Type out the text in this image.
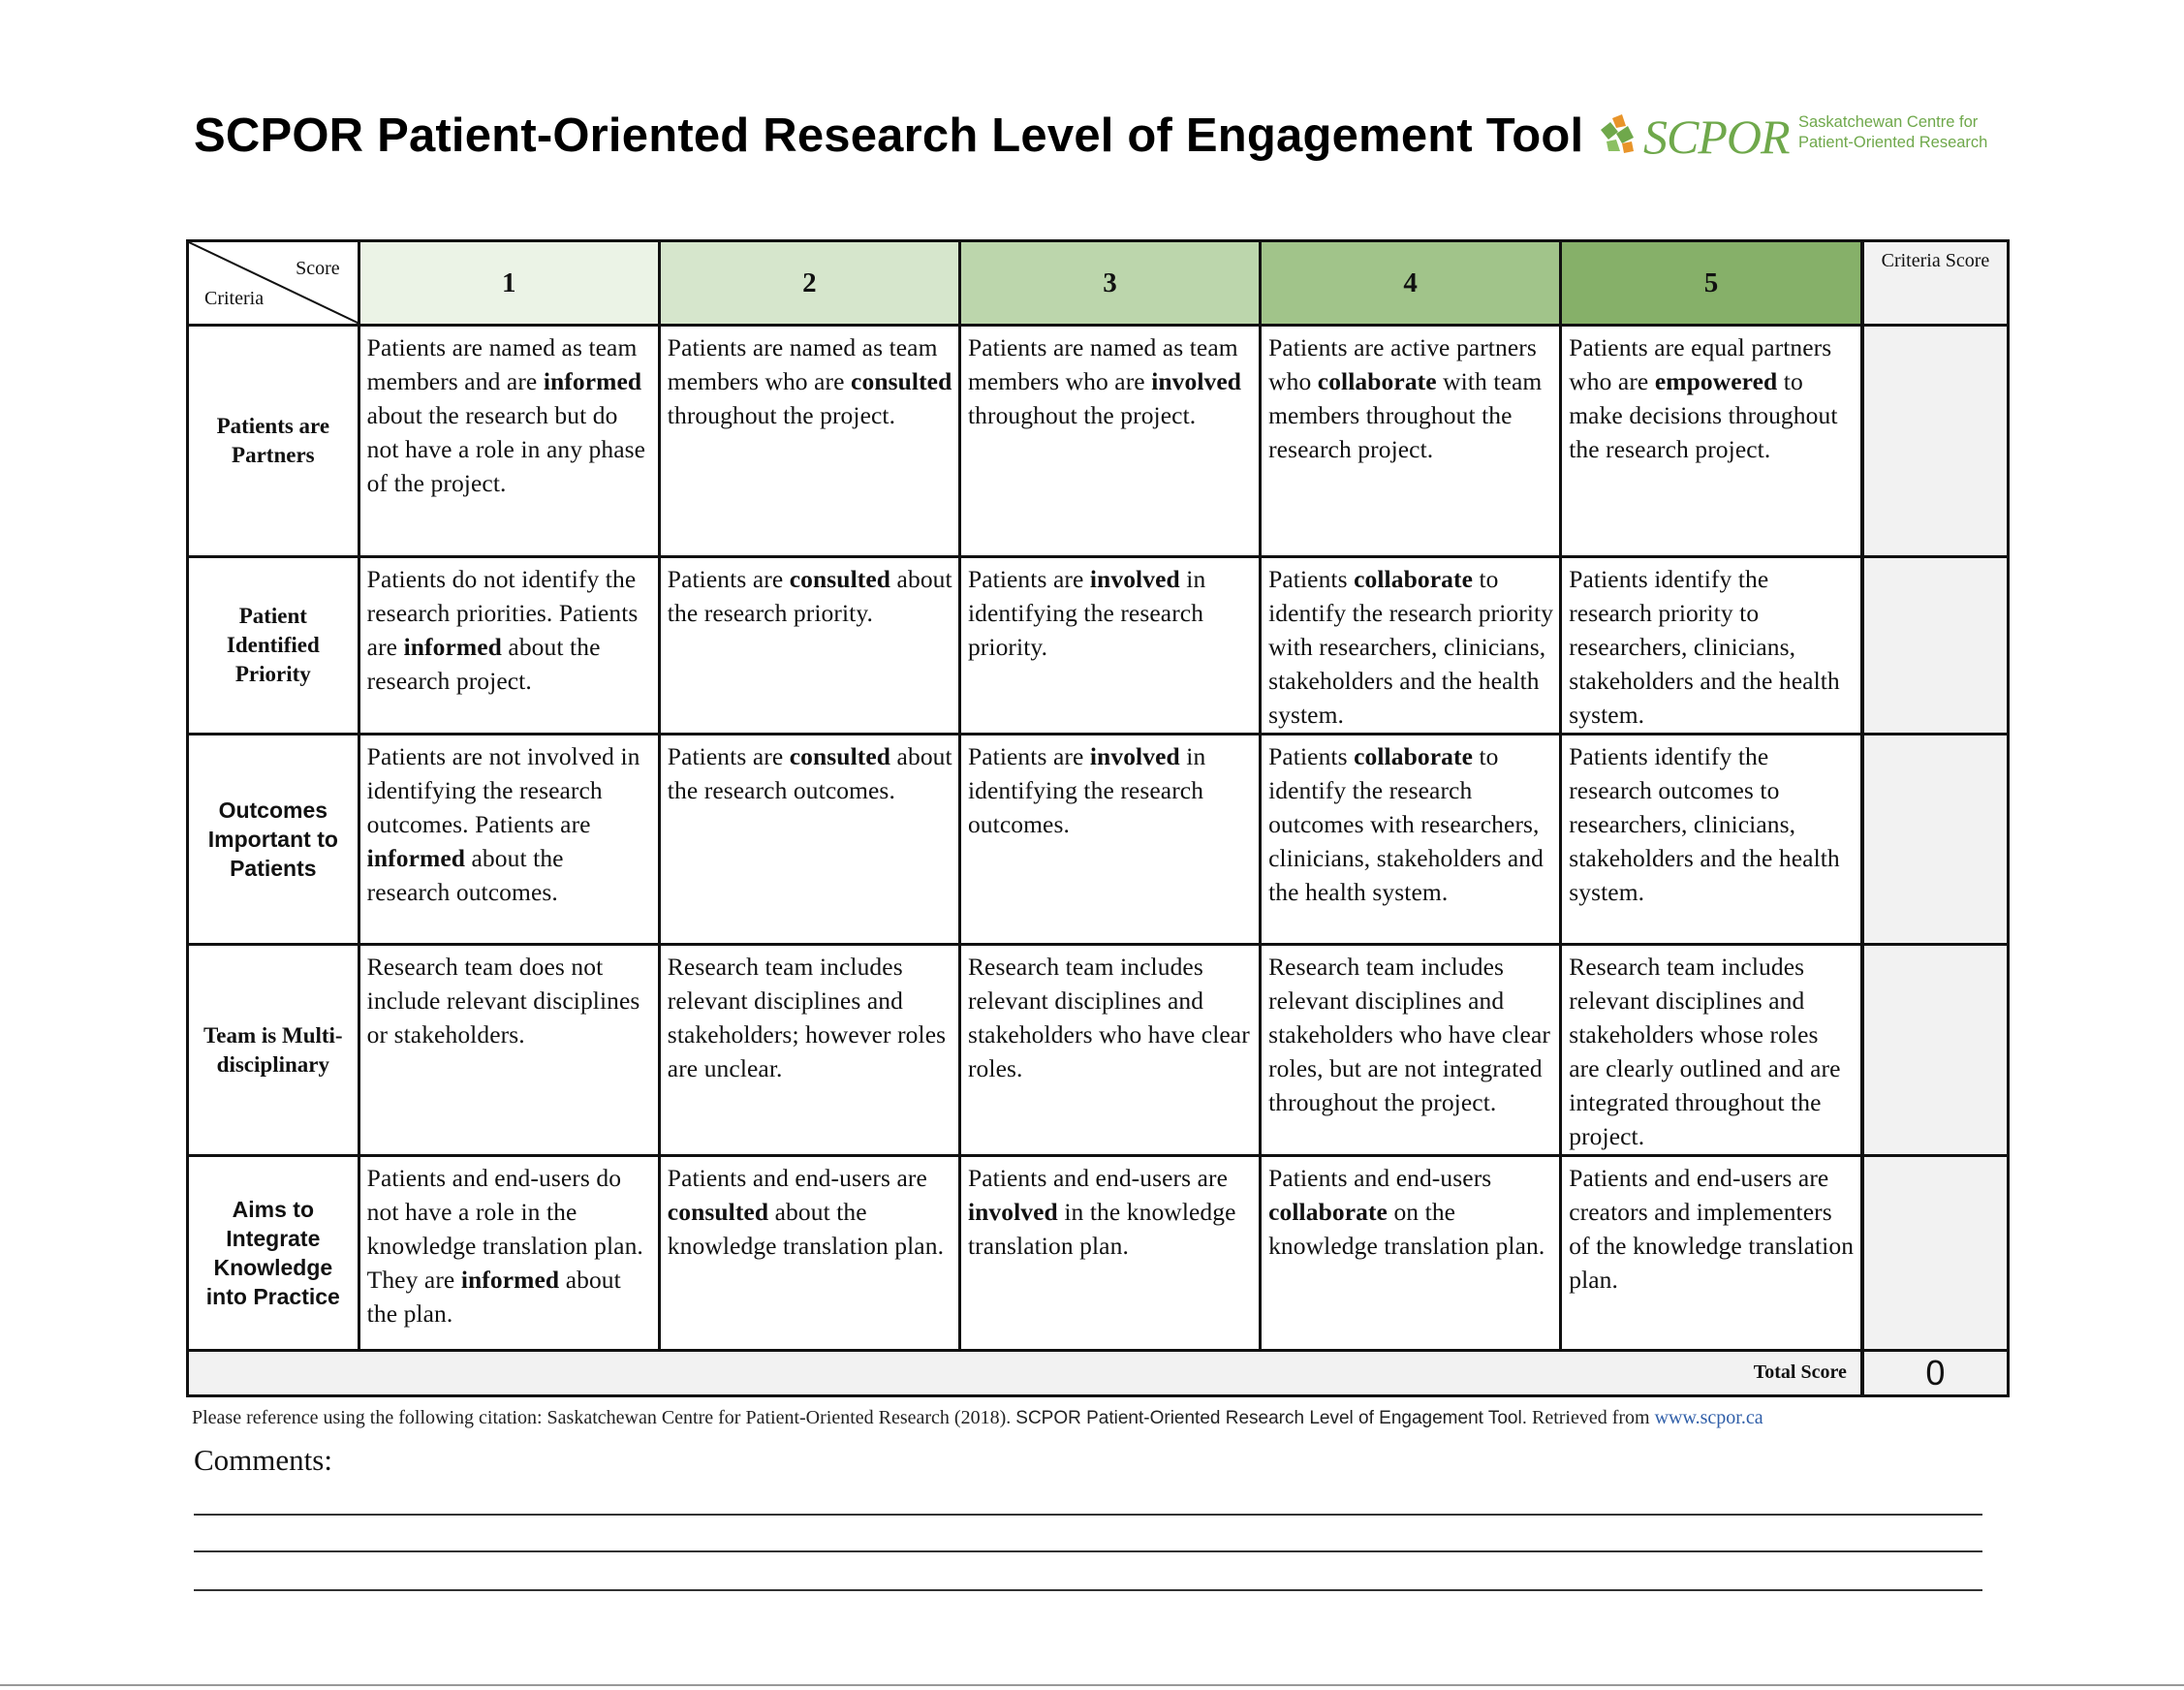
SCPOR Patient-Oriented Research Level of Engagement Tool SCPOR Saskatchewan Centre for
Patient-Oriented Research
Score
Criteria	1	2	3	4	5	Criteria Score
Patients are Partners	Patients are named as team members and are informed about the research but do not have a role in any phase of the project.	Patients are named as team members who are consulted throughout the project.	Patients are named as team members who are involved throughout the project.	Patients are active partners who collaborate with team members throughout the research project.	Patients are equal partners who are empowered to make decisions throughout the research project.	
Patient Identified Priority	Patients do not identify the research priorities. Patients are informed about the research project.	Patients are consulted about the research priority.	Patients are involved in identifying the research priority.	Patients collaborate to identify the research priority with researchers, clinicians, stakeholders and the health system.	Patients identify the research priority to researchers, clinicians, stakeholders and the health system.	
Outcomes Important to Patients	Patients are not involved in identifying the research outcomes. Patients are informed about the research outcomes.	Patients are consulted about the research outcomes.	Patients are involved in identifying the research outcomes.	Patients collaborate to identify the research outcomes with researchers, clinicians, stakeholders and the health system.	Patients identify the research outcomes to researchers, clinicians, stakeholders and the health system.	
Team is Multi-disciplinary	Research team does not include relevant disciplines or stakeholders.	Research team includes relevant disciplines and stakeholders; however roles are unclear.	Research team includes relevant disciplines and stakeholders who have clear roles.	Research team includes relevant disciplines and stakeholders who have clear roles, but are not integrated throughout the project.	Research team includes relevant disciplines and stakeholders whose roles are clearly outlined and are integrated throughout the project.	
Aims to Integrate Knowledge into Practice	Patients and end-users do not have a role in the knowledge translation plan. They are informed about the plan.	Patients and end-users are consulted about the knowledge translation plan.	Patients and end-users are involved in the knowledge translation plan.	Patients and end-users collaborate on the knowledge translation plan.	Patients and end-users are creators and implementers of the knowledge translation plan.	
Total Score						0
Please reference using the following citation: Saskatchewan Centre for Patient-Oriented Research (2018). SCPOR Patient-Oriented Research Level of Engagement Tool. Retrieved from www.scpor.ca
Comments:
